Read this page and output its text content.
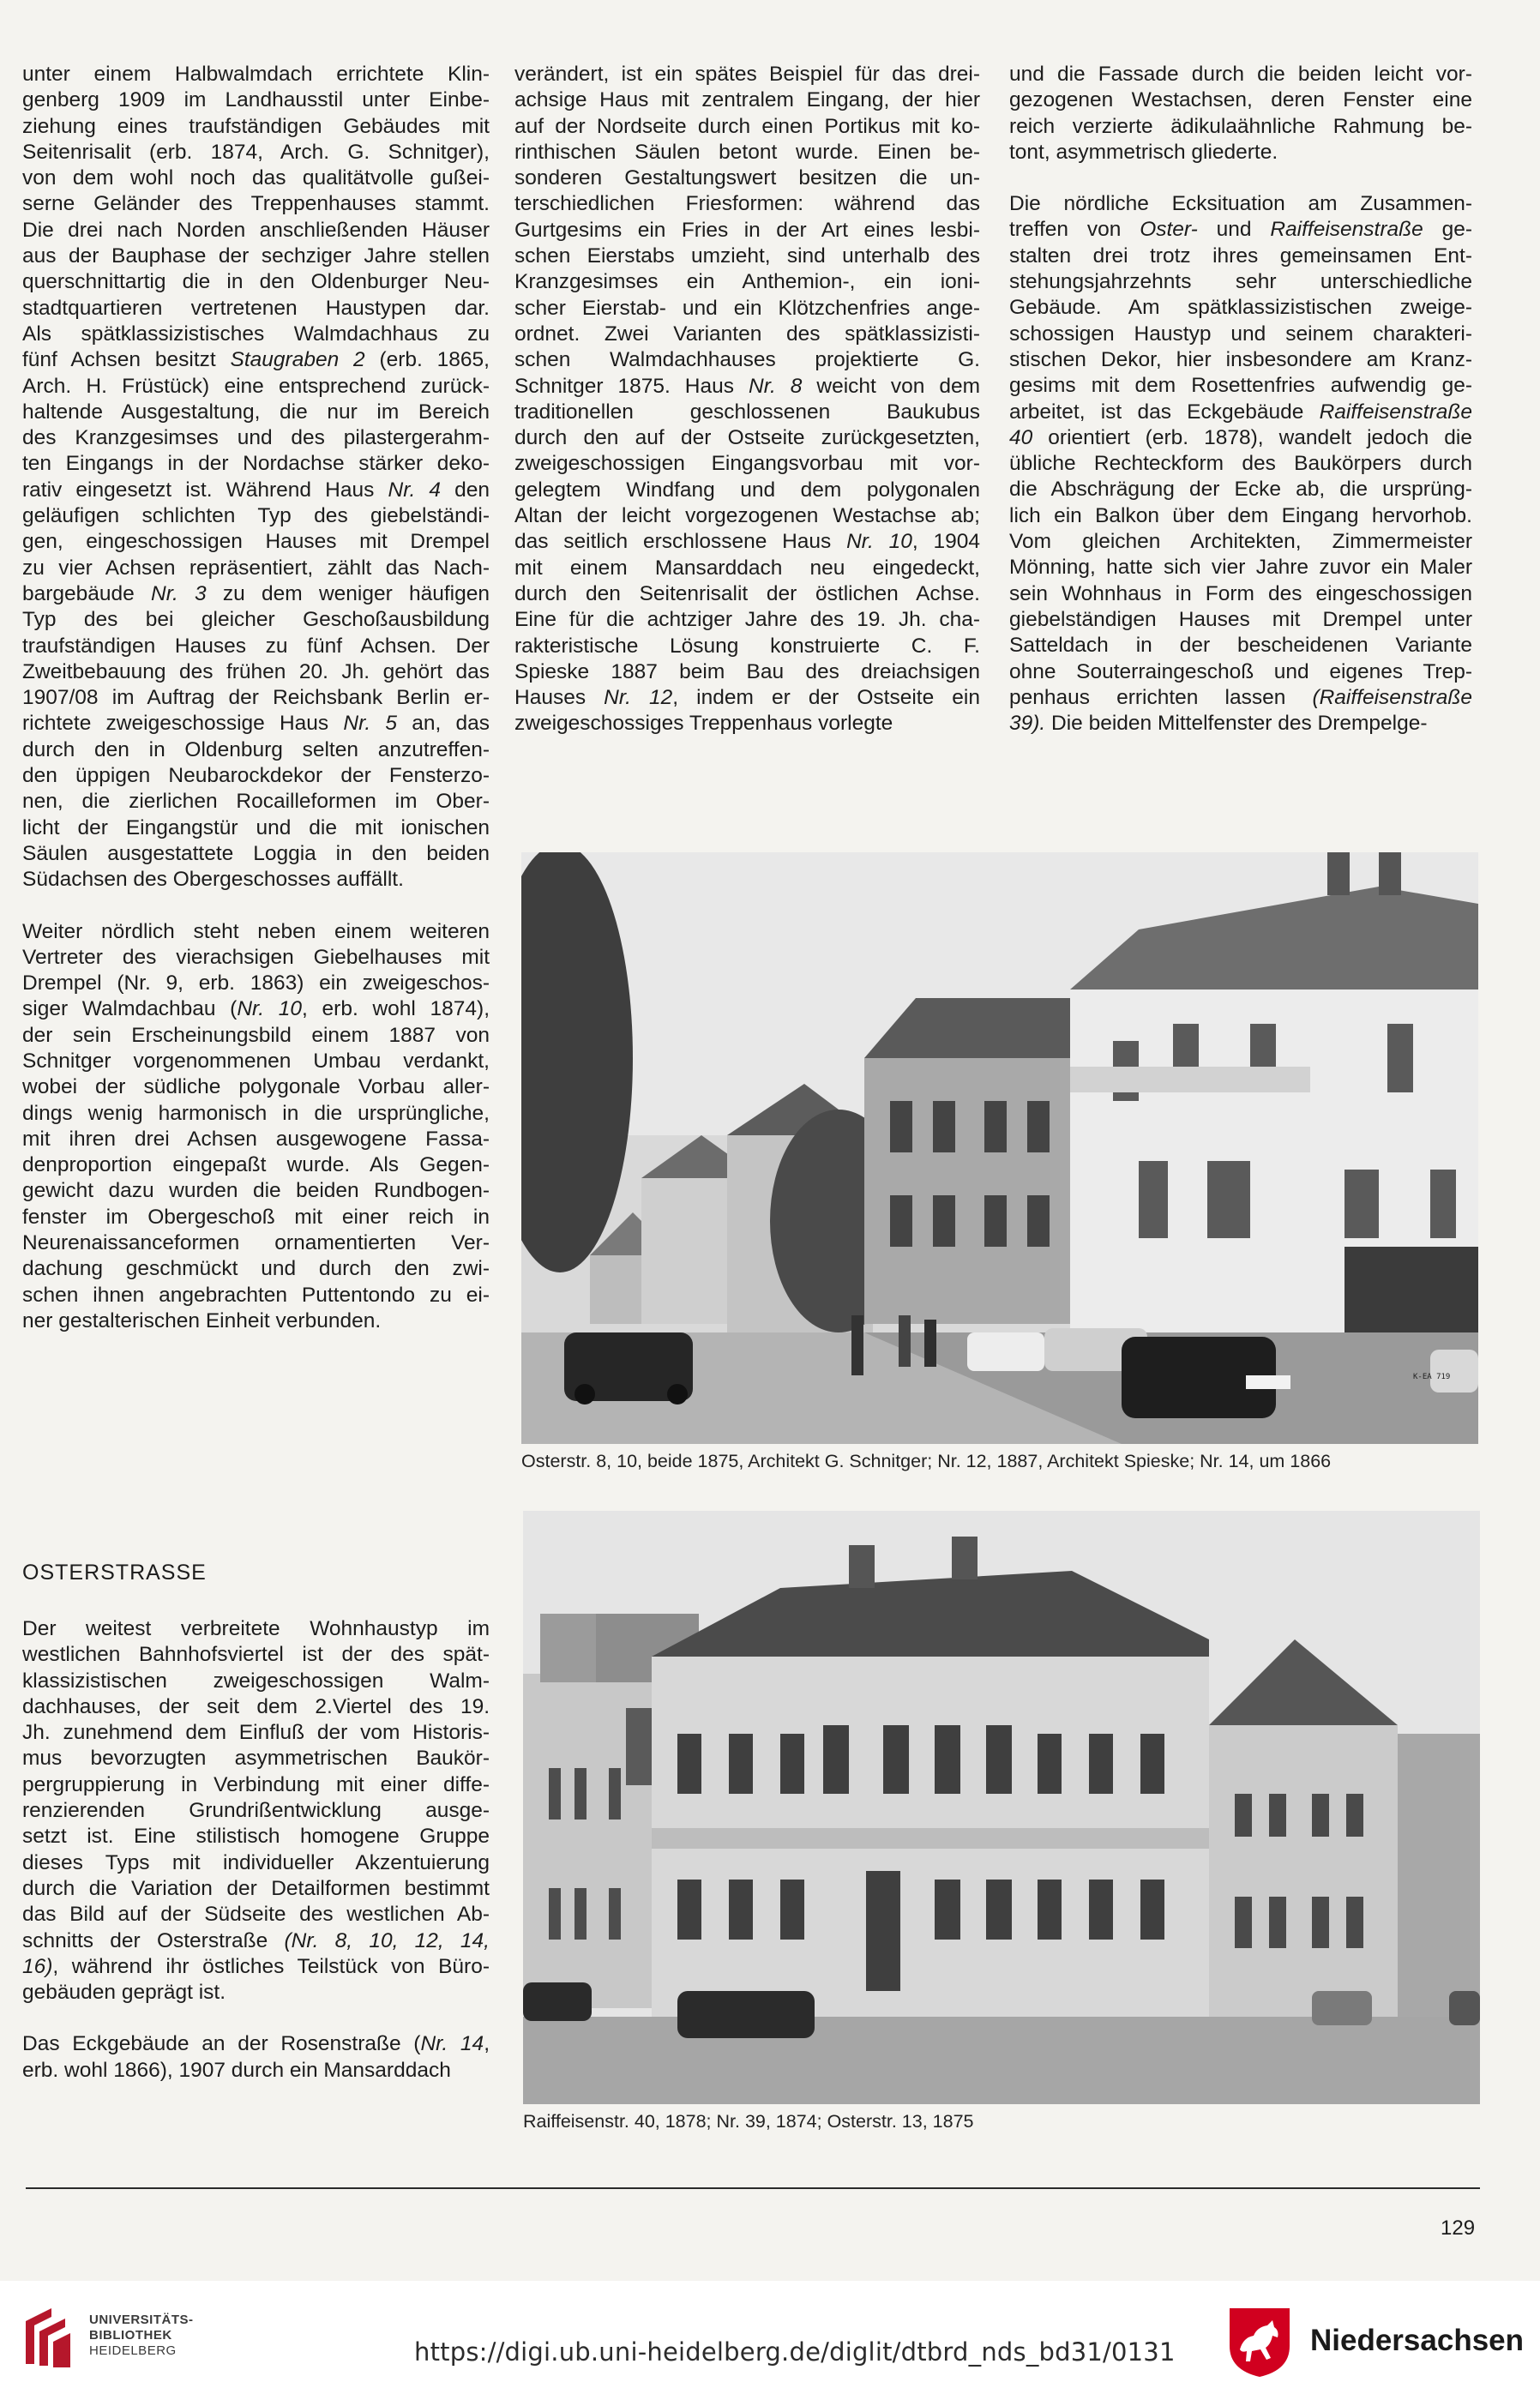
unter einem Halbwalmdach errichtete Klin-
genberg 1909 im Landhausstil unter Einbe-
ziehung eines traufständigen Gebäudes mit
Seitenrisalit (erb. 1874, Arch. G. Schnitger),
von dem wohl noch das qualitätvolle gußei-
serne Geländer des Treppenhauses stammt.
Die drei nach Norden anschließenden Häuser
aus der Bauphase der sechziger Jahre stellen
querschnittartig die in den Oldenburger Neu-
stadtquartieren vertretenen Haustypen dar.
Als spätklassizistisches Walmdachhaus zu
fünf Achsen besitzt Staugraben 2 (erb. 1865,
Arch. H. Früstück) eine entsprechend zurück-
haltende Ausgestaltung, die nur im Bereich
des Kranzgesimses und des pilastergerahm-
ten Eingangs in der Nordachse stärker deko-
rativ eingesetzt ist. Während Haus Nr. 4 den
geläufigen schlichten Typ des giebelständi-
gen, eingeschossigen Hauses mit Drempel
zu vier Achsen repräsentiert, zählt das Nach-
bargebäude Nr. 3 zu dem weniger häufigen
Typ des bei gleicher Geschoßausbildung
traufständigen Hauses zu fünf Achsen. Der
Zweitbebauung des frühen 20. Jh. gehört das
1907/08 im Auftrag der Reichsbank Berlin er-
richtete zweigeschossige Haus Nr. 5 an, das
durch den in Oldenburg selten anzutreffen-
den üppigen Neubarockdekor der Fensterzo-
nen, die zierlichen Rocailleformen im Ober-
licht der Eingangstür und die mit ionischen
Säulen ausgestattete Loggia in den beiden
Südachsen des Obergeschosses auffällt.

Weiter nördlich steht neben einem weiteren
Vertreter des vierachsigen Giebelhauses mit
Drempel (Nr. 9, erb. 1863) ein zweigeschos-
siger Walmdachbau (Nr. 10, erb. wohl 1874),
der sein Erscheinungsbild einem 1887 von
Schnitger vorgenommenen Umbau verdankt,
wobei der südliche polygonale Vorbau aller-
dings wenig harmonisch in die ursprüngliche,
mit ihren drei Achsen ausgewogene Fassa-
denproportion eingepaßt wurde. Als Gegen-
gewicht dazu wurden die beiden Rundbogen-
fenster im Obergeschoß mit einer reich in
Neurenaissanceformen ornamentierten Ver-
dachung geschmückt und durch den zwi-
schen ihnen angebrachten Puttentondo zu ei-
ner gestalterischen Einheit verbunden.

verändert, ist ein spätes Beispiel für das drei-
achsige Haus mit zentralem Eingang, der hier
auf der Nordseite durch einen Portikus mit ko-
rinthischen Säulen betont wurde. Einen be-
sonderen Gestaltungswert besitzen die un-
terschiedlichen Friesformen: während das
Gurtgesims ein Fries in der Art eines lesbi-
schen Eierstabs umzieht, sind unterhalb des
Kranzgesimses ein Anthemion-, ein ioni-
scher Eierstab- und ein Klötzchenfries ange-
ordnet. Zwei Varianten des spätklassizisti-
schen Walmdachhauses projektierte G.
Schnitger 1875. Haus Nr. 8 weicht von dem
traditionellen geschlossenen Baukubus
durch den auf der Ostseite zurückgesetzten,
zweigeschossigen Eingangsvorbau mit vor-
gelegtem Windfang und dem polygonalen
Altan der leicht vorgezogenen Westachse ab;
das seitlich erschlossene Haus Nr. 10, 1904
mit einem Mansarddach neu eingedeckt,
durch den Seitenrisalit der östlichen Achse.
Eine für die achtziger Jahre des 19. Jh. cha-
rakteristische Lösung konstruierte C. F.
Spieske 1887 beim Bau des dreiachsigen
Hauses Nr. 12, indem er der Ostseite ein
zweigeschossiges Treppenhaus vorlegte

und die Fassade durch die beiden leicht vor-
gezogenen Westachsen, deren Fenster eine
reich verzierte ädikulaähnliche Rahmung be-
tont, asymmetrisch gliederte.

Die nördliche Ecksituation am Zusammen-
treffen von Oster- und Raiffeisenstraße ge-
stalten drei trotz ihres gemeinsamen Ent-
stehungsjahrzehnts sehr unterschiedliche
Gebäude. Am spätklassizistischen zweige-
schossigen Haustyp und seinem charakteri-
stischen Dekor, hier insbesondere am Kranz-
gesims mit dem Rosettenfries aufwendig ge-
arbeitet, ist das Eckgebäude Raiffeisenstraße
40 orientiert (erb. 1878), wandelt jedoch die
übliche Rechteckform des Baukörpers durch
die Abschrägung der Ecke ab, die ursprüng-
lich ein Balkon über dem Eingang hervorhob.
Vom gleichen Architekten, Zimmermeister
Mönning, hatte sich vier Jahre zuvor ein Maler
sein Wohnhaus in Form des eingeschossigen
giebelständigen Hauses mit Drempel unter
Satteldach in der bescheidenen Variante
ohne Souterraingeschoß und eigenes Trep-
penhaus errichten lassen (Raiffeisenstraße
39). Die beiden Mittelfenster des Drempelge-

OSTERSTRASSE

Der weitest verbreitete Wohnhaustyp im
westlichen Bahnhofsviertel ist der des spät-
klassizistischen zweigeschossigen Walm-
dachhauses, der seit dem 2.Viertel des 19.
Jh. zunehmend dem Einfluß der vom Historis-
mus bevorzugten asymmetrischen Baukör-
pergruppierung in Verbindung mit einer diffe-
renzierenden Grundrißentwicklung ausge-
setzt ist. Eine stilistisch homogene Gruppe
dieses Typs mit individueller Akzentuierung
durch die Variation der Detailformen bestimmt
das Bild auf der Südseite des westlichen Ab-
schnitts der Osterstraße (Nr. 8, 10, 12, 14,
16), während ihr östliches Teilstück von Büro-
gebäuden geprägt ist.

Das Eckgebäude an der Rosenstraße (Nr. 14,
erb. wohl 1866), 1907 durch ein Mansarddach

K-EA 719
Osterstr. 8, 10, beide 1875, Architekt G. Schnitger; Nr. 12, 1887, Architekt Spieske; Nr. 14, um 1866
Raiffeisenstr. 40, 1878; Nr. 39, 1874; Osterstr. 13, 1875
129
UNIVERSITÄTS-
BIBLIOTHEK
HEIDELBERG	https://digi.ub.uni-heidelberg.de/diglit/dtbrd_nds_bd31/0131	Niedersachsen
